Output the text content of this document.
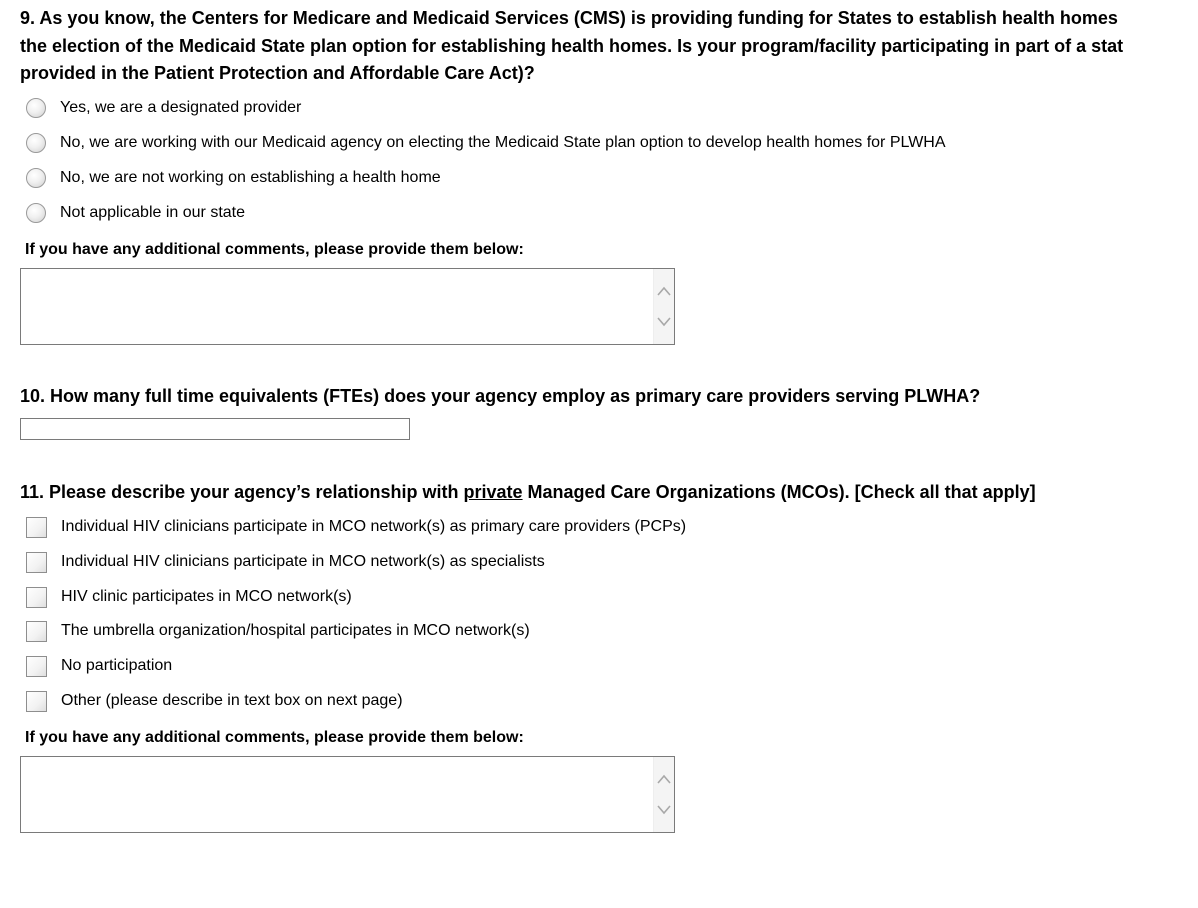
9. As you know, the Centers for Medicare and Medicaid Services (CMS) is providing funding for States to establish health homes
the election of the Medicaid State plan option for establishing health homes. Is your program/facility participating in part of a stat
provided in the Patient Protection and Affordable Care Act)?
Yes, we are a designated provider
No, we are working with our Medicaid agency on electing the Medicaid State plan option to develop health homes for PLWHA
No, we are not working on establishing a health home
Not applicable in our state
If you have any additional comments, please provide them below:
10. How many full time equivalents (FTEs) does your agency employ as primary care providers serving PLWHA?
11. Please describe your agency’s relationship with private Managed Care Organizations (MCOs). [Check all that apply]
Individual HIV clinicians participate in MCO network(s) as primary care providers (PCPs)
Individual HIV clinicians participate in MCO network(s) as specialists
HIV clinic participates in MCO network(s)
The umbrella organization/hospital participates in MCO network(s)
No participation
Other (please describe in text box on next page)
If you have any additional comments, please provide them below:
